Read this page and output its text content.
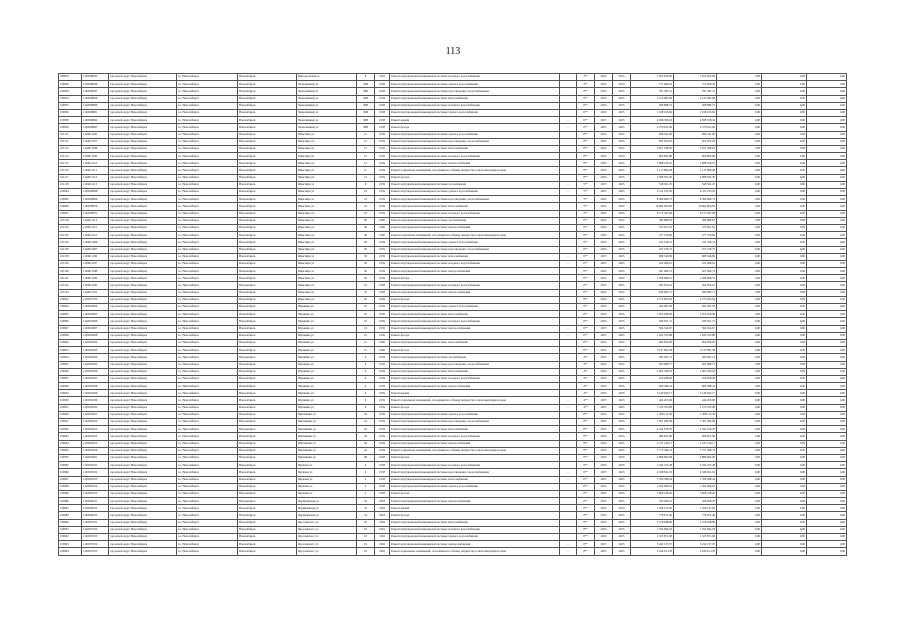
113
100870	1149598183	городской округ Новосибирск	г.о. Новосибирск	Новосибирск	Ипподромская ул	8	1963	Ремонт внутридомовой инженерной системы холодного водоснабжения	-	3**	2025	2025	1 653 922,06	1 653 922,06	0,00	0,00	0,00
100938	1149598936	городской округ Новосибирск	г.о. Новосибирск	Новосибирск	Челюскинцев ул	36В	1958	Ремонт внутридомовой инженерной системы горячего водоснабжения	-	4**	2025	2025	771 600,42	771 600,42	0,00	0,00	0,00
100939	1149598937	городской округ Новосибирск	г.о. Новосибирск	Новосибирск	Челюскинцев ул	36В	1958	Ремонт внутридомовой инженерной системы водоотведения с водоснабжением	-	6**	2025	2025	791 387,12	791 387,12	0,00	0,00	0,00
100954	1149598959	городской округ Новосибирск	г.о. Новосибирск	Новосибирск	Челюскинцев ул	36В	1958	Ремонт внутридомовой инженерной системы теплоснабжения	-	6**	2025	2025	2 123 993,68	2 123 993,68	0,00	0,00	0,00
100955	1149598960	городской округ Новосибирск	г.о. Новосибирск	Новосибирск	Челюскинцев ул	36В	1958	Ремонт внутридомовой инженерной системы холодного водоснабжения	-	6**	2025	2025	498 888,74	498 888,74	0,00	0,00	0,00
100956	1149598961	городской округ Новосибирск	г.о. Новосибирск	Новосибирск	Челюскинцев ул	36В	1958	Ремонт внутридомовой инженерной системы горячего водоснабжения	-	6**	2025	2025	1 198 195,69	1 198 195,69	0,00	0,00	0,00
100958	1149598962	городской округ Новосибирск	г.о. Новосибирск	Новосибирск	Челюскинцев ул	36В	1958	Ремонт крыши	-	6**	2025	2025	4 698 358,43	4 698 358,43	0,00	0,00	0,00
100959	1149598963	городской округ Новосибирск	г.о. Новосибирск	Новосибирск	Челюскинцев ул	36В	1958	Ремонт фасада	-	6**	2025	2025	2 270 811,99	2 270 811,99	0,00	0,00	0,00
101111	1149611106	городской округ Новосибирск	г.о. Новосибирск	Новосибирск	Шекспира ул	12	1959	Ремонт внутридомовой инженерной системы горячего водоснабжения	-	8**	2025	2025	998 541,90	998 541,90	0,00	0,00	0,00
101112	1149611107	городской округ Новосибирск	г.о. Новосибирск	Новосибирск	Шекспира ул	12	1959	Ремонт внутридомовой инженерной системы водоотведения с водоснабжением	-	8**	2025	2025	872 952,81	872 952,81	0,00	0,00	0,00
101113	1149611108	городской округ Новосибирск	г.о. Новосибирск	Новосибирск	Шекспира ул	12	1959	Ремонт внутридомовой инженерной системы теплоснабжения	-	8**	2025	2025	2 657 038,02	2 657 038,02	0,00	0,00	0,00
101114	1149611109	городской округ Новосибирск	г.о. Новосибирск	Новосибирск	Шекспира ул	12	1959	Ремонт внутридомовой инженерной системы холодного водоснабжения	-	8**	2025	2025	606 892,86	606 892,86	0,00	0,00	0,00
101115	1149611110	городской округ Новосибирск	г.о. Новосибирск	Новосибирск	Шекспира ул	12	1959	Ремонт внутридомовой инженерной системы электроснабжения	-	8**	2025	2025	1 698 016,25	1 698 016,25	0,00	0,00	0,00
101116	1149611111	городской округ Новосибирск	г.о. Новосибирск	Новосибирск	Шекспира ул	12	1959	Ремонт подвальных помещений, относящихся к общему имуществу в многоквартирном доме	-	8**	2025	2025	1 117 869,28	1 117 869,28	0,00	0,00	0,00
101117	1149611112	городской округ Новосибирск	г.о. Новосибирск	Новосибирск	Шекспира ул	12	1959	Ремонт фасада	-	8**	2025	2025	2 098 505,30	2 098 505,30	0,00	0,00	0,00
101118	1149611113	городской округ Новосибирск	г.о. Новосибирск	Новосибирск	Шекспира ул	6	1959	Ремонт внутридомовой инженерной системы газоснабжения	-	5**	2025	2025	548 561,25	548 561,25	0,00	0,00	0,00
100964	1149598968	городской округ Новосибирск	г.о. Новосибирск	Новосибирск	Шекспира ул	23	1959	Ремонт внутридомовой инженерной системы горячего водоснабжения	-	5**	2025	2025	6 311 195,26	6 311 195,26	0,00	0,00	0,00
100965	1149598969	городской округ Новосибирск	г.о. Новосибирск	Новосибирск	Шекспира ул	23	1959	Ремонт внутридомовой инженерной системы водоотведения с водоснабжением	-	5**	2025	2025	8 399 660,73	8 399 660,73	0,00	0,00	0,00
100966	1149598970	городской округ Новосибирск	г.о. Новосибирск	Новосибирск	Шекспира ул	23	1959	Ремонт внутридомовой инженерной системы теплоснабжения	-	5**	2025	2025	10 664 904,85	10 664 904,85	0,00	0,00	0,00
100967	1149598971	городской округ Новосибирск	г.о. Новосибирск	Новосибирск	Шекспира ул	23	1959	Ремонт внутридомовой инженерной системы холодного водоснабжения	-	5**	2025	2025	8 175 597,68	8 175 597,68	0,00	0,00	0,00
101118	1149611114	городской округ Новосибирск	г.о. Новосибирск	Новосибирск	Шекспира ул	46	1960	Ремонт внутридомовой инженерной системы газоснабжения	-	6**	2025	2025	389 889,63	389 889,63	0,00	0,00	0,00
101119	1149611115	городской округ Новосибирск	г.о. Новосибирск	Новосибирск	Шекспира ул	46	1960	Ремонт внутридомовой инженерной системы электроснабжения	-	6**	2025	2025	373 651,81	373 651,81	0,00	0,00	0,00
101120	1149611116	городской округ Новосибирск	г.о. Новосибирск	Новосибирск	Шекспира ул	46	1960	Ремонт подвальных помещений, относящихся к общему имуществу в многоквартирном доме	-	6**	2025	2025	277 156,84	277 156,84	0,00	0,00	0,00
101129	1149612006	городской округ Новосибирск	г.о. Новосибирск	Новосибирск	Шекспира ул	50	1959	Ремонт внутридомовой инженерной системы горячего водоснабжения	-	6**	2025	2025	231 198,31	231 198,31	0,00	0,00	0,00
101130	1149612007	городской округ Новосибирск	г.о. Новосибирск	Новосибирск	Шекспира ул	50	1959	Ремонт внутридомовой инженерной системы водоотведения с водоснабжением	-	6**	2025	2025	257 270,72	257 270,72	0,00	0,00	0,00
101138	1149611186	городской округ Новосибирск	г.о. Новосибирск	Новосибирск	Шекспира ул	50	1959	Ремонт внутридомовой инженерной системы теплоснабжения	-	6**	2025	2025	689 546,89	689 546,89	0,00	0,00	0,00
101139	1149611187	городской округ Новосибирск	г.о. Новосибирск	Новосибирск	Шекспира ул	50	1959	Ремонт внутридомовой инженерной системы холодного водоснабжения	-	6**	2025	2025	162 486,61	162 486,61	0,00	0,00	0,00
101140	1149611188	городской округ Новосибирск	г.о. Новосибирск	Новосибирск	Шекспира ул	50	1959	Ремонт внутридомовой инженерной системы электроснабжения	-	6**	2025	2025	567 964,73	567 964,73	0,00	0,00	0,00
101141	1149611189	городской округ Новосибирск	г.о. Новосибирск	Новосибирск	Шекспира ул	50	1959	Ремонт фасада	-	6**	2025	2025	1 298 698,55	1 298 698,55	0,00	0,00	0,00
101142	1149611190	городской округ Новосибирск	г.о. Новосибирск	Новосибирск	Шекспира ул	52	1958	Ремонт внутридомовой инженерной системы холодного водоснабжения	-	6**	2025	2025	292 876,16	292 876,16	0,00	0,00	0,00
101143	1149611191	городской округ Новосибирск	г.о. Новосибирск	Новосибирск	Шекспира ул	52	1958	Ремонт внутридомовой инженерной системы электроснабжения	-	6**	2025	2025	849 983,71	849 983,71	0,00	0,00	0,00
100922	1149597335	городской округ Новосибирск	г.о. Новосибирск	Новосибирск	Шекспира ул	26	1949	Ремонт фасада	-	8**	2025	2025	2 773 833,02	2 773 833,02	0,00	0,00	0,00
100904	1149592004	городской округ Новосибирск	г.о. Новосибирск	Новосибирск	Шукшина ул	10	1956	Ремонт внутридомовой инженерной системы горячего водоснабжения	-	6**	2025	2025	264 497,83	264 497,83	0,00	0,00	0,00
100905	1149592005	городской округ Новосибирск	г.о. Новосибирск	Новосибирск	Шукшина ул	10	1956	Ремонт внутридомовой инженерной системы теплоснабжения	-	6**	2025	2025	1 053 958,08	1 053 958,08	0,00	0,00	0,00
100906	1149592006	городской округ Новосибирск	г.о. Новосибирск	Новосибирск	Шукшина ул	10	1956	Ремонт внутридомовой инженерной системы холодного водоснабжения	-	6**	2025	2025	189 051,31	189 051,31	0,00	0,00	0,00
100907	1149592007	городской округ Новосибирск	г.о. Новосибирск	Новосибирск	Шукшина ул	10	1956	Ремонт внутридомовой инженерной системы электроснабжения	-	6**	2025	2025	594 324,67	594 324,67	0,00	0,00	0,00
100908	1149592008	городской округ Новосибирск	г.о. Новосибирск	Новосибирск	Шукшина ул	10	1956	Ремонт фасада	-	6**	2025	2025	1 945 553,88	1 945 553,88	0,00	0,00	0,00
100922	1149592022	городской округ Новосибирск	г.о. Новосибирск	Новосибирск	Шукшина ул	12	1960	Ремонт внутридомовой инженерной системы теплоснабжения	-	6**	2025	2025	662 850,20	662 850,20	0,00	0,00	0,00
100923	1149592023	городской округ Новосибирск	г.о. Новосибирск	Новосибирск	Шукшина ул	12	1960	Ремонт фасада	-	6**	2025	2025	3 137 891,58	3 137 891,58	0,00	0,00	0,00
100924	1149592024	городской округ Новосибирск	г.о. Новосибирск	Новосибирск	Шукшина ул	6	1959	Ремонт внутридомовой инженерной системы газоснабжения	-	4**	2025	2025	583 997,13	583 997,13	0,00	0,00	0,00
100925	1149592025	городской округ Новосибирск	г.о. Новосибирск	Новосибирск	Шукшина ул	6	1959	Ремонт внутридомовой инженерной системы водоотведения с водоснабжением	-	4**	2025	2025	463 688,77	463 688,77	0,00	0,00	0,00
100926	1149592026	городской округ Новосибирск	г.о. Новосибирск	Новосибирск	Шукшина ул	6	1959	Ремонт внутридомовой инженерной системы теплоснабжения	-	4**	2025	2025	1 063 330,18	1 063 330,18	0,00	0,00	0,00
100927	1149592027	городской округ Новосибирск	г.о. Новосибирск	Новосибирск	Шукшина ул	6	1959	Ремонт внутридомовой инженерной системы холодного водоснабжения	-	4**	2025	2025	254 058,26	254 058,26	0,00	0,00	0,00
100928	1149592028	городской округ Новосибирск	г.о. Новосибирск	Новосибирск	Шукшина ул	6	1959	Ремонт внутридомовой инженерной системы электроснабжения	-	4**	2025	2025	669 368,41	669 368,41	0,00	0,00	0,00
100929	1149592029	городской округ Новосибирск	г.о. Новосибирск	Новосибирск	Шукшина ул	6	1959	Ремонт крыши	-	4**	2025	2025	3 149 943,17	3 149 943,17	0,00	0,00	0,00
100930	1149592030	городской округ Новосибирск	г.о. Новосибирск	Новосибирск	Шукшина ул	6	1959	Ремонт подвальных помещений, относящихся к общему имуществу в многоквартирном доме	-	4**	2025	2025	444 203,96	444 203,96	0,00	0,00	0,00
100931	1149592031	городской округ Новосибирск	г.о. Новосибирск	Новосибирск	Шукшина ул	6	1959	Ремонт фасада	-	4**	2025	2025	1 513 355,08	1 513 355,08	0,00	0,00	0,00
100940	1149594101	городской округ Новосибирск	г.о. Новосибирск	Новосибирск	Щетинкина ул	44	1959	Ремонт внутридомовой инженерной системы горячего водоснабжения	-	8**	2025	2025	1 458 115,39	1 458 115,39	0,00	0,00	0,00
100941	1149594102	городской округ Новосибирск	г.о. Новосибирск	Новосибирск	Щетинкина ул	44	1959	Ремонт внутридомовой инженерной системы водоотведения с водоснабжением	-	8**	2025	2025	1 301 284,89	1 301 284,89	0,00	0,00	0,00
100942	1149594103	городской округ Новосибирск	г.о. Новосибирск	Новосибирск	Щетинкина ул	44	1959	Ремонт внутридомовой инженерной системы теплоснабжения	-	8**	2025	2025	4 541 676,76	4 541 676,76	0,00	0,00	0,00
100943	1149594104	городской округ Новосибирск	г.о. Новосибирск	Новосибирск	Щетинкина ул	44	1959	Ремонт внутридомовой инженерной системы холодного водоснабжения	-	8**	2025	2025	986 657,96	986 657,96	0,00	0,00	0,00
100944	1149594105	городской округ Новосибирск	г.о. Новосибирск	Новосибирск	Щетинкина ул	44	1959	Ремонт внутридомовой инженерной системы электроснабжения	-	8**	2025	2025	2 537 149,17	2 537 149,17	0,00	0,00	0,00
100945	1149594106	городской округ Новосибирск	г.о. Новосибирск	Новосибирск	Щетинкина ул	44	1959	Ремонт подвальных помещений, относящихся к общему имуществу в многоквартирном доме	-	8**	2025	2025	1 773 396,74	1 773 396,74	0,00	0,00	0,00
100955	1149594201	городской округ Новосибирск	г.о. Новосибирск	Новосибирск	Щетинкина ул	48	1956	Ремонт фасада	-	6**	2025	2025	4 889 662,08	4 889 662,08	0,00	0,00	0,00
100965	1149595101	городской округ Новосибирск	г.о. Новосибирск	Новосибирск	Якушева ул	4	1958	Ремонт внутридомовой инженерной системы холодного водоснабжения	-	6**	2025	2025	2 342 475,28	2 342 475,28	0,00	0,00	0,00
100966	1149595102	городской округ Новосибирск	г.о. Новосибирск	Новосибирск	Якушева ул	4	1958	Ремонт внутридомовой инженерной системы водоотведения с водоснабжением	-	6**	2025	2025	2 348 561,63	2 348 561,63	0,00	0,00	0,00
100967	1149595103	городской округ Новосибирск	г.о. Новосибирск	Новосибирск	Якушева ул	4	1958	Ремонт внутридомовой инженерной системы теплоснабжения	-	6**	2025	2025	7 359 588,44	7 359 588,44	0,00	0,00	0,00
100968	1149595104	городской округ Новосибирск	г.о. Новосибирск	Новосибирск	Якушева ул	4	1958	Ремонт внутридомовой инженерной системы горячего водоснабжения	-	6**	2025	2025	1 562 906,19	1 562 906,19	0,00	0,00	0,00
100969	1149595105	городской округ Новосибирск	г.о. Новосибирск	Новосибирск	Якушева ул	4	1958	Ремонт фасада	-	6**	2025	2025	5 666 418,20	5 666 418,20	0,00	0,00	0,00
100980	1149596101	городской округ Новосибирск	г.о. Новосибирск	Новосибирск	Ядринцевская ул	54	1963	Ремонт внутридомовой инженерной системы электроснабжения	-	6**	2025	2025	329 268,76	329 268,76	0,00	0,00	0,00
100981	1149596102	городской округ Новосибирск	г.о. Новосибирск	Новосибирск	Ядринцевская ул	54	1963	Ремонт крыши	-	6**	2025	2025	1 458 131,85	1 458 131,85	0,00	0,00	0,00
100982	1149596103	городской округ Новосибирск	г.о. Новосибирск	Новосибирск	Ядринцевская ул	54	1963	Ремонт фасада	-	6**	2025	2025	778 671,46	778 671,46	0,00	0,00	0,00
100990	1149597101	городской округ Новосибирск	г.о. Новосибирск	Новосибирск	Ярославского ул	16	1962	Ремонт внутридомовой инженерной системы теплоснабжения	-	8**	2025	2025	2 576 948,89	2 576 948,89	0,00	0,00	0,00
100991	1149597102	городской округ Новосибирск	г.о. Новосибирск	Новосибирск	Ярославского ул	16	1962	Ремонт внутридомовой инженерной системы холодного водоснабжения	-	8**	2025	2025	1 764 992,94	1 764 992,94	0,00	0,00	0,00
100992	1149597103	городской округ Новосибирск	г.о. Новосибирск	Новосибирск	Ярославского ул	16	1962	Ремонт внутридомовой инженерной системы горячего водоснабжения	-	8**	2025	2025	1 525 871,68	1 525 871,68	0,00	0,00	0,00
100993	1149597104	городской округ Новосибирск	г.о. Новосибирск	Новосибирск	Ярославского ул	16	1962	Ремонт внутридомовой инженерной системы электроснабжения	-	8**	2025	2025	3 242 137,07	3 242 137,07	0,00	0,00	0,00
100994	1149597105	городской округ Новосибирск	г.о. Новосибирск	Новосибирск	Ярославского ул	16	1962	Ремонт подвальных помещений, относящихся к общему имуществу в многоквартирном доме	-	8**	2025	2025	2 246 61,178	2 246 61,178	0,00	0,00	0,00
